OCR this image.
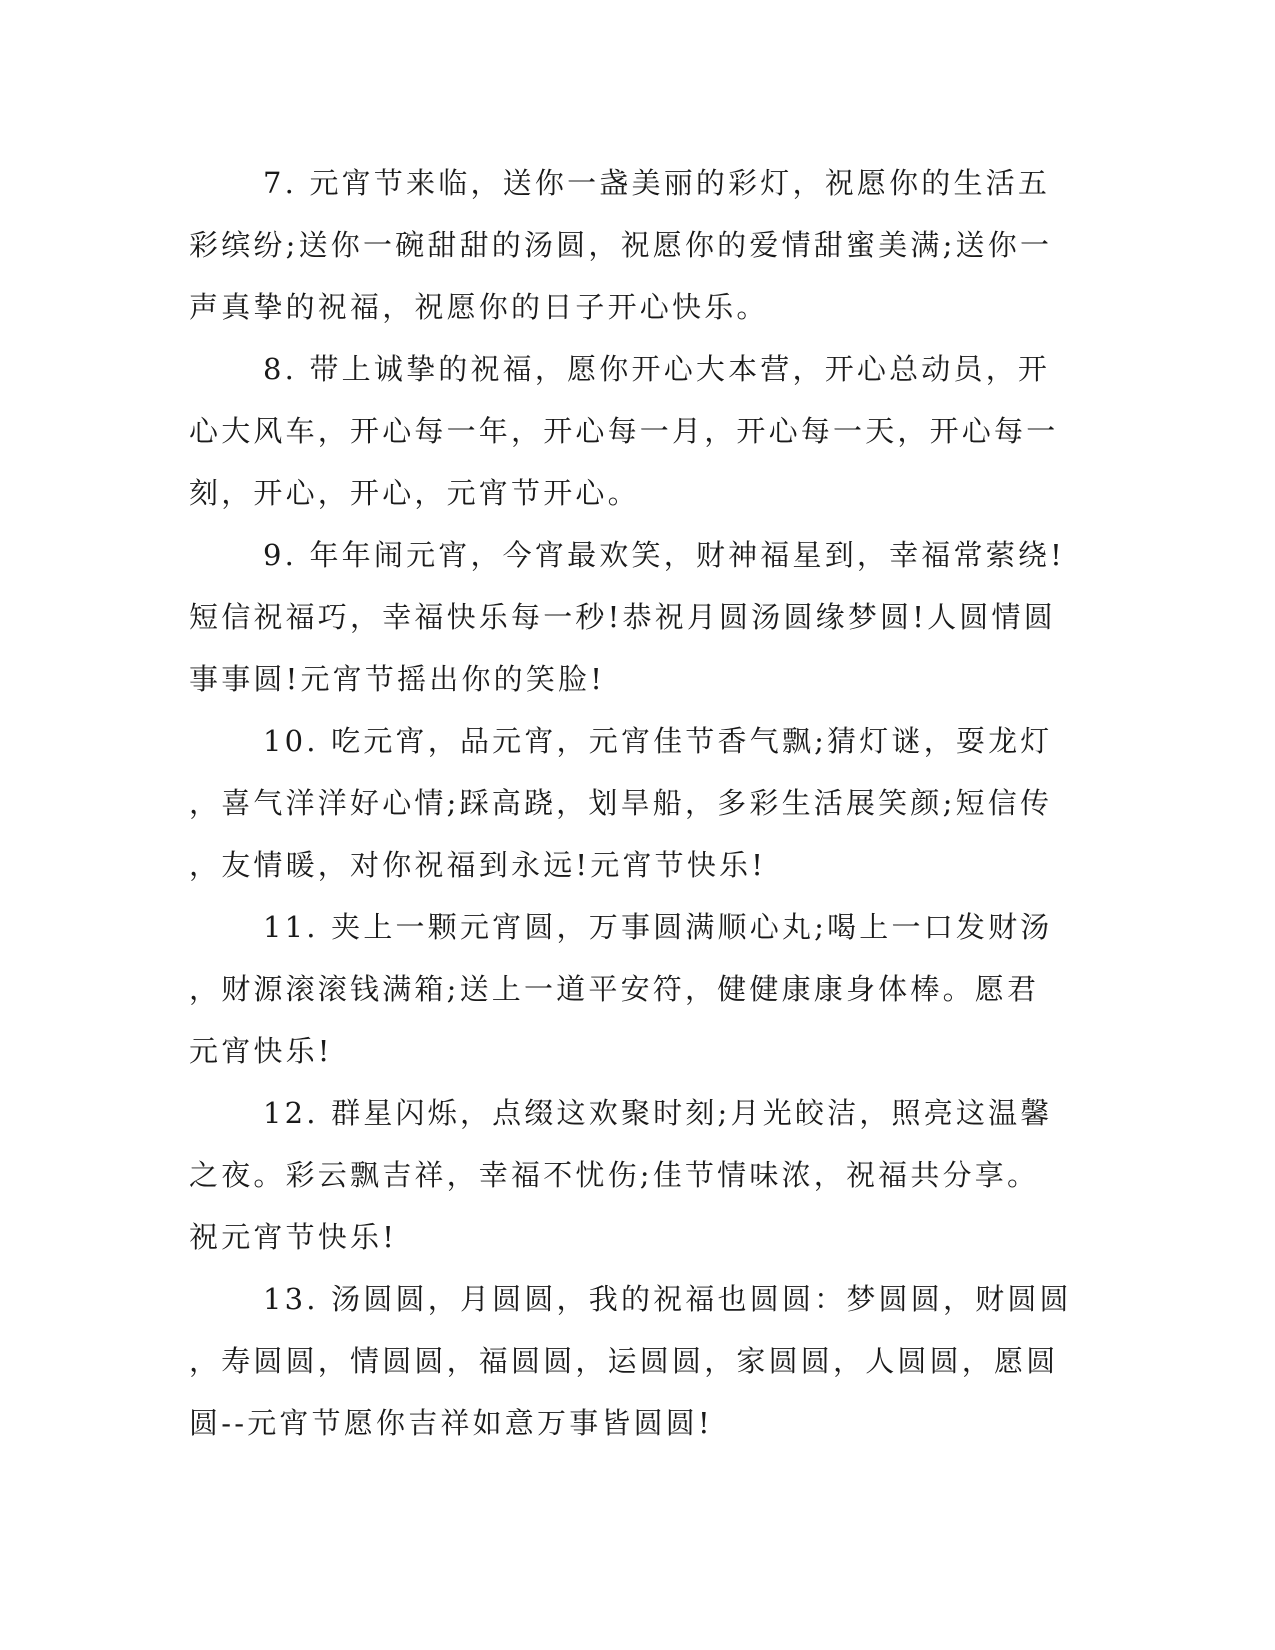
7. 元宵节来临，送你一盏美丽的彩灯，祝愿你的生活五
彩缤纷;送你一碗甜甜的汤圆，祝愿你的爱情甜蜜美满;送你一
声真挚的祝福，祝愿你的日子开心快乐。
8. 带上诚挚的祝福，愿你开心大本营，开心总动员，开
心大风车，开心每一年，开心每一月，开心每一天，开心每一
刻，开心，开心，元宵节开心。
9. 年年闹元宵，今宵最欢笑，财神福星到，幸福常萦绕!
短信祝福巧，幸福快乐每一秒!恭祝月圆汤圆缘梦圆!人圆情圆
事事圆!元宵节摇出你的笑脸!
10. 吃元宵，品元宵，元宵佳节香气飘;猜灯谜，耍龙灯
，喜气洋洋好心情;踩高跷，划旱船，多彩生活展笑颜;短信传
，友情暖，对你祝福到永远!元宵节快乐!
11. 夹上一颗元宵圆，万事圆满顺心丸;喝上一口发财汤
，财源滚滚钱满箱;送上一道平安符，健健康康身体棒。愿君
元宵快乐!
12. 群星闪烁，点缀这欢聚时刻;月光皎洁，照亮这温馨
之夜。彩云飘吉祥，幸福不忧伤;佳节情味浓，祝福共分享。
祝元宵节快乐!
13. 汤圆圆，月圆圆，我的祝福也圆圆：梦圆圆，财圆圆
，寿圆圆，情圆圆，福圆圆，运圆圆，家圆圆，人圆圆，愿圆
圆--元宵节愿你吉祥如意万事皆圆圆!
